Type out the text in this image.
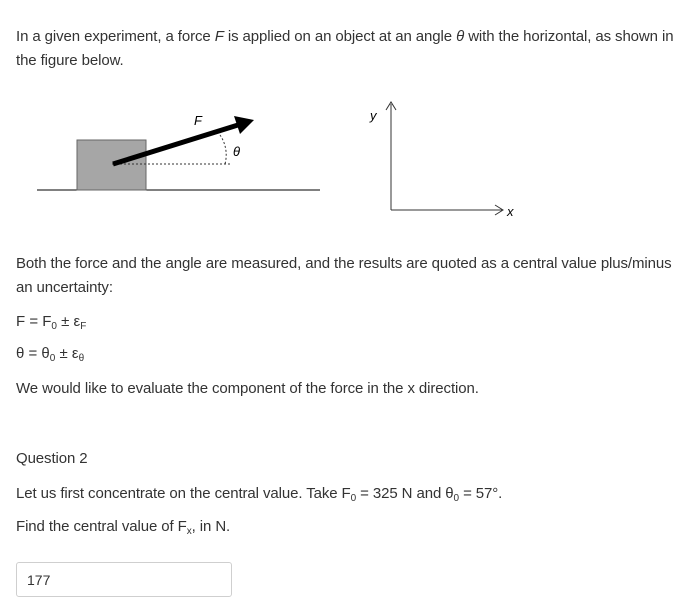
In a given experiment, a force F is applied on an object at an angle θ with the horizontal, as shown in the figure below.
F
θ
y
x
Both the force and the angle are measured, and the results are quoted as a central value plus/minus an uncertainty:
$F = F_0 \pm \varepsilon_F$
$\theta = \theta_0 \pm \varepsilon_\theta$
We would like to evaluate the component of the force in the x direction.
Question 2
Let us first concentrate on the central value. Take $F_0 = 325$ N and $\theta_0 = 57^\circ$.
Find the central value of $F_x$, in N.
177
